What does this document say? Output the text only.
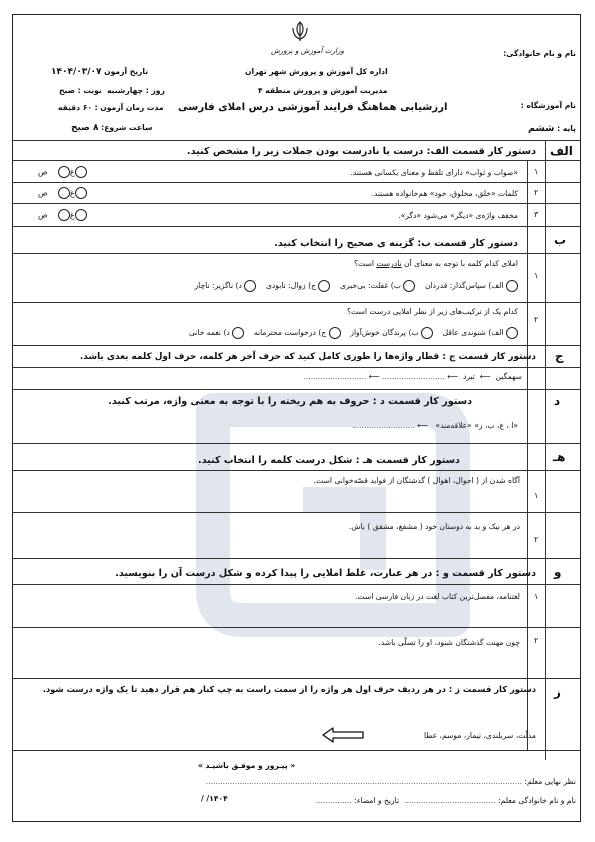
وزارت آموزش و پرورش
اداره کل آموزش و پرورش شهر تهران
مدیریت آموزش و پرورش منطقه ۴
ارزشیابی هماهنگ فرایند آموزشی درس املای فارسی
نام و نام خانوادگی:
نام آموزشگاه :
پایه : ششم
تاریخ آزمون ۱۴۰۴/۰۳/۰۷
روز : چهارشنبه  نوبت : صبح
مدت زمان آزمون : ۶۰ دقیقه
ساعت شروع: ۸ صبح
الف
دستور کار قسمت الف: درست یا نادرست بودن جملات زیر را مشخص کنید.
۱
«صواب و ثواب» دارای تلفظ و معنای یکسانی هستند.
غ    ص
۲
کلمات «خلق، مخلوق، خود» هم‌خانواده هستند.
غ    ص
۳
مخفف واژه‌ی «دیگر» می‌شود «دگر».
غ    ص
ب
دستور کار قسمت ب: گزینه ی صحیح را انتخاب کنید.
۱
املای کدام کلمه با توجه به معنای آن نادرست است؟
الف) سپاس‌گذار: قدردان     ب) غفلت: بی‌خبری     ج) زوال: نابودی     د) ناگزیر: ناچار
۲
کدام یک از ترکیب‌های زیر از نظر املایی درست است؟
الف) شنوندی عاقل     ب) پرندگان خوش‌آواز     ج) درخواست محترمانه     د) نغمه خانی
ج
دستور کار قسمت ج : قطار واژه‌ها را طوری کامل کنید که حرف آخر هر کلمه، حرف اول کلمه بعدی باشد.
سهمگین  ⟵  تبرد  ⟵ .......................... ⟵ ..........................
د
دستور کار قسمت د : حروف به هم ریخته را با توجه به معنی واژه، مرتب کنید.
«ا ، غ، ب، ر» «علاقه‌مند»   ⟵ ..........................
هـ
دستور کار قسمت هـ : شکل درست کلمه را انتخاب کنید.
۱
آگاه شدن از ( احوال، اهوال ) گذشتگان از فواید قصّه‌خوانی است.
۲
در هر نیک و بد به دوستان خود ( مشفغ، مشفق ) باش.
و
دستور کار قسمت و : در هر عبارت، غلط املایی را پیدا کرده و شکل درست آن را بنویسید.
۱
لغتنامه، مفصل‌ترین کتاب لغت در زبان فارسی است.
۲
چون مهنت گذشتگان شنود، او را تسلّی باشد.
ز
دستور کار قسمت ز : در هر ردیف حرف اول هر واژه را از سمت راست به چپ کنار هم قرار دهید تا یک واژه درست شود.
مذلّت، سربلندی، تیمار، موسم، عطا
« پیـروز و موفـق باشیـد »
نظر نهایی معلم: ...................................................................................................................................
نام و نام خانوادگی معلم: ......................................  تاریخ و امضاء: ...............
۱۴۰۴/ /
